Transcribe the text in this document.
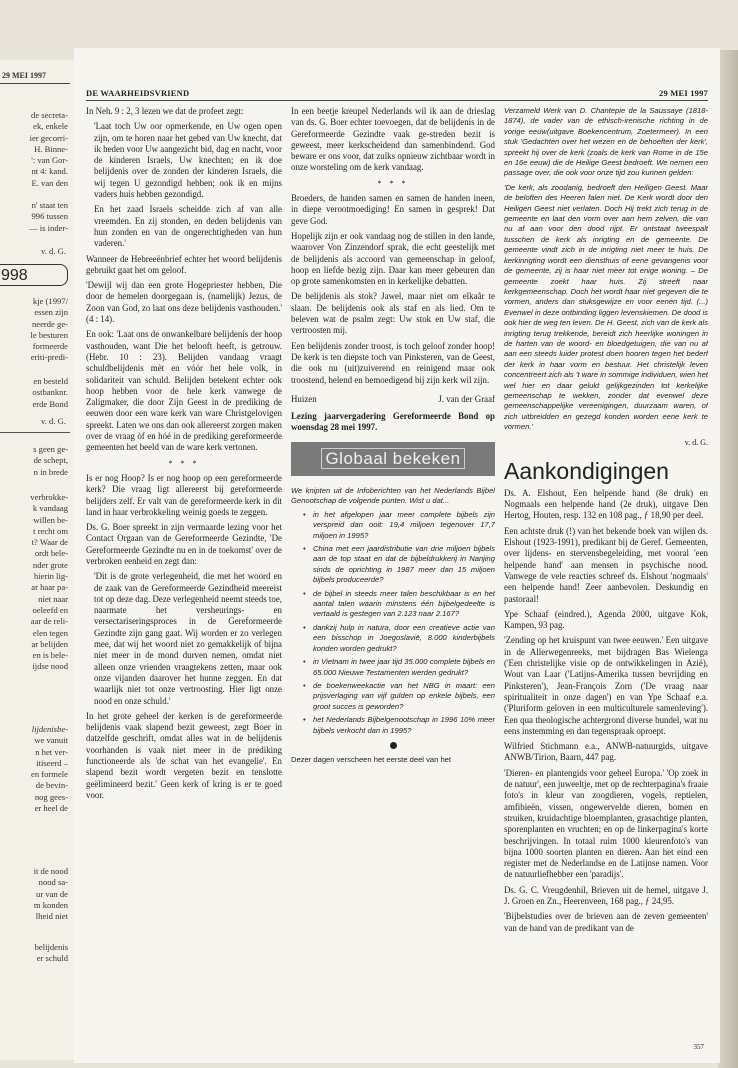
29 MEI 1997
de secreta-
ek, enkele
ier gecorri-
H. Binne-
': van Gor-
nt 4: kand.
E. van den
n' staat ten
996 tussen
— is inder-
v. d. G.
998
kje (1997/
essen zijn
neerde ge-
le besturen
formeerde
eriti-predi-
en besteld
ostbanknr.
erde Bond
v. d. G.
s geen ge-
de schept,
n in brede
verbrokke-
k vandaag
willen be-
t recht om
t? Waar de
ordt bele-
nder grote
hierin lig-
ar haar pa-
niet naar
oeleefd en
aar de reli-
elen tegen
ar belijden
en is bele-
ijdse nood
lijdenisbe-
we vanuit
n het ver-
itiseerd –
en formele
de bevin-
nog gees-
er heel de
it de nood
nood sa-
ur van de
m konden
lheid niet
belijdenis
er schuld
DE WAARHEIDSVRIEND	29 MEI 1997

In Neh. 9 : 2, 3 lezen we dat de profeet zegt:

'Laat toch Uw oor opmerkende, en Uw ogen open zijn, om te horen naar het gebed van Uw knecht, dat ik heden voor Uw aangezicht bid, dag en nacht, voor de kinderen Israels, Uw knechten; en ik doe belijdenis over de zonden der kinderen Israels, die wij tegen U gezondigd hebben; ook ik en mijns vaders huis hebben gezondigd.

En het zaad Israels scheidde zich af van alle vreemden. En zij stonden, en deden belijdenis van hun zonden en van de ongerechtigheden van hun vaderen.'

Wanneer de Hebreeënbrief echter het woord belijdenis gebruikt gaat het om geloof.

'Dewijl wij dan een grote Hogepriester hebben, Die door de hemelen doorgegaan is, (namelijk) Jezus, de Zoon van God, zo laat ons deze belijdenis vasthouden.' (4 : 14).

En ook: 'Laat ons de onwankelbare belijdenis der hoop vasthouden, want Die het belooft heeft, is getrouw. (Hebr. 10 : 23). Belijden vandaag vraagt schuldbelijdenis mèt en vóór het hele volk, in solidariteit van schuld. Belijden betekent echter ook hoop hebben voor de hele kerk vanwege de Zaligmaker, die door Zijn Geest in de prediking de eeuwen door een ware kerk van ware Christgelovigen spreekt. Laten we ons dan ook allereerst zorgen maken over de vraag òf en hóé in de prediking gereformeerde gemeenten het beeld van de ware kerk vertonen.

* * *

Is er nog Hoop? Is er nog hoop op een gereformeerde kerk? Die vraag ligt allereerst bij gereformeerde belijders zelf. Er valt van de gereformeerde kerk in dit land in haar verbrokkeling weinig goeds te zeggen.

Ds. G. Boer spreekt in zijn vermaarde lezing voor het Contact Orgaan van de Gereformeerde Gezindte, 'De Gereformeerde Gezindte nu en in de toekomst' over de verbroken eenheid en zegt dan:

'Dit is de grote verlegenheid, die met het woord en de zaak van de Gereformeerde Gezindheid meereist tot op deze dag. Deze verlegenheid neemt steeds toe, naarmate het versheurings- en versectariseringsproces in de Gereformeerde Gezindte zijn gang gaat. Wij worden er zo verlegen mee, dat wij het woord niet zo gemakkelijk of bijna niet meer in de mond durven nemen, omdat niet alleen onze vrienden vraagtekens zetten, maar ook onze vijanden daarover het hunne zeggen. En dat waarlijk niet tot onze vertroosting. Hier ligt onze nood en onze schuld.'

In het grote geheel der kerken is de gereformeerde belijdenis vaak slapend bezit geweest, zegt Boer in datzelfde geschrift, omdat alles wat in de belijdenis voorhanden is vaak niet meer in de prediking functioneerde als 'de schat van het evangelie'. En slapend bezit wordt vergeten bezit en tenslotte geëlimineerd bezit.' Geen kerk of kring is er te goed voor.

In een beetje kreupel Nederlands wil ik aan de drieslag van ds. G. Boer echter toevoegen, dat de belijdenis in de Gereformeerde Gezindte vaak ge-streden bezit is geweest, meer kerkscheidend dan samenbindend. God beware er ons voor, dat zulks opnieuw zichtbaar wordt in onze worsteling om de kerk vandaag.

* * *

Broeders, de handen samen en samen de handen ineen, in diepe verootmoediging! En samen in gesprek! Dat geve God.

Hopelijk zijn er ook vandaag nog de stillen in den lande, waarover Von Zinzendorf sprak, die echt geestelijk met de belijdenis als accoord van gemeenschap in geloof, hoop en liefde bezig zijn. Daar kan meer gebeuren dan op grote samenkomsten en in kerkelijke debatten.

De belijdenis als stok? Jawel, maar niet om elkaâr te slaan. De belijdenis ook als staf en als lied. Om te beleven wat de psalm zegt: Uw stok en Uw staf, die vertroosten mij.

Een belijdenis zonder troost, is toch geloof zonder hoop! De kerk is ten diepste toch van Pinksteren, van de Geest, die ook nu (uit)zuiverend en reinigend maar ook troostend, helend en bemoedigend bij zijn kerk wil zijn.

Huizen	J. van der Graaf
Lezing jaarvergadering Gereformeerde Bond op woensdag 28 mei 1997.
Globaal bekeken
We knipten uit de Infoberichten van het Nederlands Bijbel Genootschap de volgende punten. Wist u dat...
• in het afgelopen jaar meer complete bijbels zijn verspreid dan ooit: 19,4 miljoen tegenover 17,7 miljoen in 1995?
• China met een jaardistributie van drie miljoen bijbels aan de top staat en dat de bijbeldrukkerij in Nanjing sinds de oprichting in 1987 meer dan 15 miljoen bijbels produceerde?
• de bijbel in steeds meer talen beschikbaar is en het aantal talen waarin minstens één bijbelgedeelte is vertaald is gestegen van 2.123 naar 2.167?
• dankzij hulp in natura, door een creatieve actie van een bisschop in Joegoslavië, 8.000 kinderbijbels konden worden gedrukt?
• in Vietnam in twee jaar tijd 35.000 complete bijbels en 65.000 Nieuwe Testamenten werden gedrukt?
• de boekenweekactie van het NBG in maart: een prijsverlaging van vijf gulden op enkele bijbels, een groot succes is geworden?
• het Nederlands Bijbelgenootschap in 1996 10% meer bijbels verkocht dan in 1995?
Dezer dagen verscheen het eerste deel van het

Verzameld Werk van D. Chantepie de la Saussaye (1818-1874), de vader van de ethisch-irenische richting in de vorige eeuw(uitgave Boekencentrum, Zoetermeer). In een stuk 'Gedachten over het wezen en de behoeften der kerk', spreekt hij over de kerk (zoals de kerk van Rome in de 15e en 16e eeuw) die de Heilige Geest bedroeft. We nemen een passage over, die ook voor onze tijd zou kunnen gelden:

'De kerk, als zoodanig, bedroeft den Heiligen Geest. Maar de beloften des Heeren falen niet. De Kerk wordt door den Heiligen Geest niet verlaten. Doch Hij trekt zich terug in de gemeente en laat den vorm over aan hem zelven, die van nu af aan voor den dood rijpt. Er ontstaat tweespalt tusschen de kerk als inrigting en de gemeente. De gemeente vindt zich in de inrigting niet meer te huis. De kerkinrigting wordt een diensthuis of eene gevangenis voor de gemeente, zij is haar niet meer tot enige woning. – De gemeente zoekt haar huis. Zij streeft naar kerkgemeenschap. Doch het wordt haar niet gegeven die te vormen, anders dan stuksgewijze en voor eenen tijd. (...) Evenwel in deze ontbinding liggen levenskiemen. De dood is ook hier de weg ten leven. De H. Geest, zich van de kerk als inrigting terug trekkende, bereidt zich heerlijke woningen in de harten van de woord- en bloedgetuigen, die van nu af aan een steeds luider protest doen hooren tegen het bederf der kerk in haar vorm en bestuur. Het christelijk leven concentreert zich als 't ware in sommige individuen, wien het wel hier en daar gelukt gelijkgezinden tot kerkelijke gemeenschap te wekken, zonder dat evenwel deze gemeenschappelijke vereenigingen, duurzaam waren, of zich uitbreidden en gezegd konden worden eene kerk te vormen.'

v. d. G.
Aankondigingen

Ds. A. Elshout, Een helpende hand (8e druk) en Nogmaals een helpende hand (2e druk), uitgave Den Hertog, Houten, resp. 132 en 108 pag., ƒ 18,90 per deel.

Een achtste druk (!) van het bekende boek van wijlen ds. Elshout (1923-1991), predikant bij de Geref. Gemeenten, over lijdens- en stervensbegeleiding, met vooral 'een helpende hand' aan mensen in psychische nood. Vanwege de vele reacties schreef ds. Elshout 'nogmaals' een helpende hand! Zeer aanbevolen. Deskundig en pastoraal!

Ype Schaaf (eindred.), Agenda 2000, uitgave Kok, Kampen, 93 pag.

'Zending op het kruispunt van twee eeuwen.' Een uitgave in de Allerwegenreeks, met bijdragen Bas Wielenga ('Een christelijke visie op de ontwikkelingen in Azië), Wout van Laar ('Latijns-Amerika tussen bevrijding en Pinksteren'), Jean-François Zorn ('De vraag naar spiritualiteit in onze dagen') en van Ype Schaaf e.a. ('Pluriform geloven in een multiculturele samenleving'). Een qua theologische achtergrond diverse bundel, wat nu eens instemming en dan tegenspraak oproept.

Wilfried Stichmann e.a., ANWB-natuurgids, uitgave ANWB/Tirion, Baarn, 447 pag.

'Dieren- en plantengids voor geheel Europa.' 'Op zoek in de natuur', een juweeltje, met op de rechterpagina's fraaie foto's in kleur van zoogdieren, vogels, reptielen, amfibieën, vissen, ongewervelde dieren, bomen en struiken, kruidachtige bloemplanten, grasachtige planten, sporenplanten en vruchten; en op de linkerpagina's korte beschrijvingen. In totaal ruim 1000 kleurenfoto's van bijna 1000 soorten planten en dieren. Aan het eind een register met de Nederlandse en de Latijnse namen. Voor de natuurliefhebber een 'paradijs'.

Ds. G. C. Vreugdenhil, Brieven uit de hemel, uitgave J. J. Groen en Zn., Heerenveen, 168 pag., ƒ 24,95.

'Bijbelstudies over de brieven aan de zeven gemeenten' van de hand van de predikant van de

357
